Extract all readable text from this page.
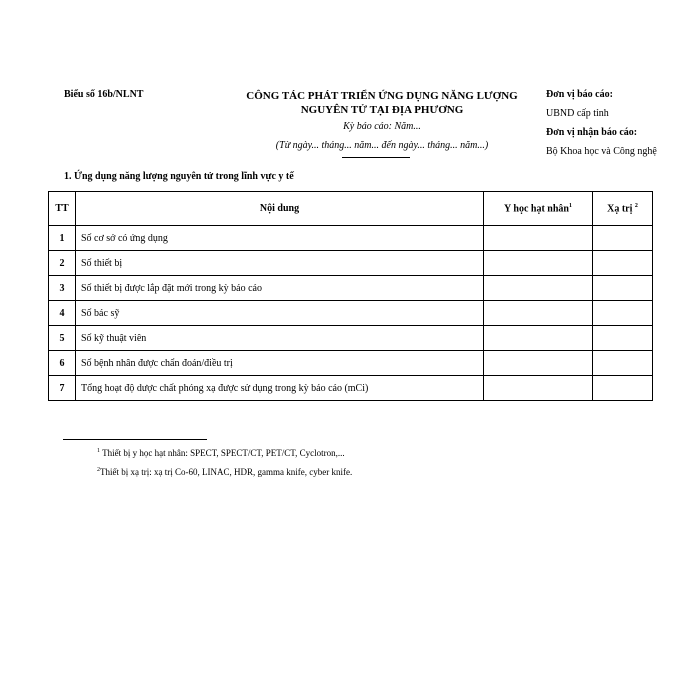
Biểu số 16b/NLNT	CÔNG TÁC PHÁT TRIỂN ỨNG DỤNG NĂNG LƯỢNG
NGUYÊN TỬ TẠI ĐỊA PHƯƠNG
Kỳ báo cáo: Năm...
(Từ ngày... tháng... năm... đến ngày... tháng... năm...)
Đơn vị báo cáo:
UBND cấp tỉnh
Đơn vị nhận báo cáo:
Bộ Khoa học và Công nghệ
1. Ứng dụng năng lượng nguyên tử trong lĩnh vực y tế
TT	Nội dung	Y học hạt nhân$^1$	Xạ trị $^2$
1	Số cơ sở có ứng dụng		
2	Số thiết bị		
3	Số thiết bị được lắp đặt mới trong kỳ báo cáo		
4	Số bác sỹ		
5	Số kỹ thuật viên		
6	Số bệnh nhân được chẩn đoán/điều trị		
7	Tổng hoạt độ dược chất phóng xạ được sử dụng trong kỳ báo cáo (mCi)		
$^1$ Thiết bị y học hạt nhân: SPECT, SPECT/CT, PET/CT, Cyclotron,...
$^2$Thiết bị xạ trị: xạ trị Co-60, LINAC, HDR, gamma knife, cyber knife.
